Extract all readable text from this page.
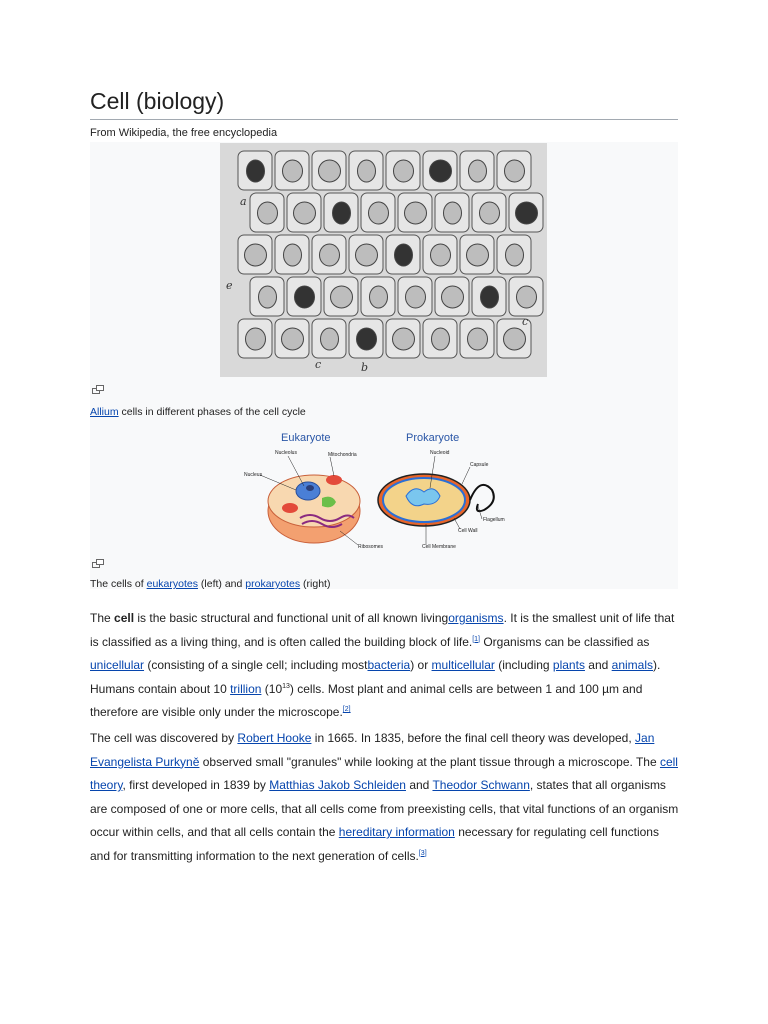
Cell (biology)
From Wikipedia, the free encyclopedia
a
e
c
c	b
Allium cells in different phases of the cell cycle
Eukaryote	Prokaryote
Nucleolus	Mitochondria
Nucleus
Ribosomes
Nucleoid
Capsule
Flagellum
Cell Wall
Cell Membrane
The cells of eukaryotes (left) and prokaryotes (right)

The cell is the basic structural and functional unit of all known livingorganisms. It is the smallest unit of life that is classified as a living thing, and is often called the building block of life.[1] Organisms can be classified as unicellular (consisting of a single cell; including mostbacteria) or multicellular (including plants and animals). Humans contain about 10 trillion $(10^{13})$ cells. Most plant and animal cells are between 1 and 100 µm and therefore are visible only under the microscope.[2]

The cell was discovered by Robert Hooke in 1665. In 1835, before the final cell theory was developed, Jan Evangelista Purkyně observed small "granules" while looking at the plant tissue through a microscope. The cell theory, first developed in 1839 by Matthias Jakob Schleiden and Theodor Schwann, states that all organisms are composed of one or more cells, that all cells come from preexisting cells, that vital functions of an organism occur within cells, and that all cells contain the hereditary information necessary for regulating cell functions and for transmitting information to the next generation of cells.[3]
